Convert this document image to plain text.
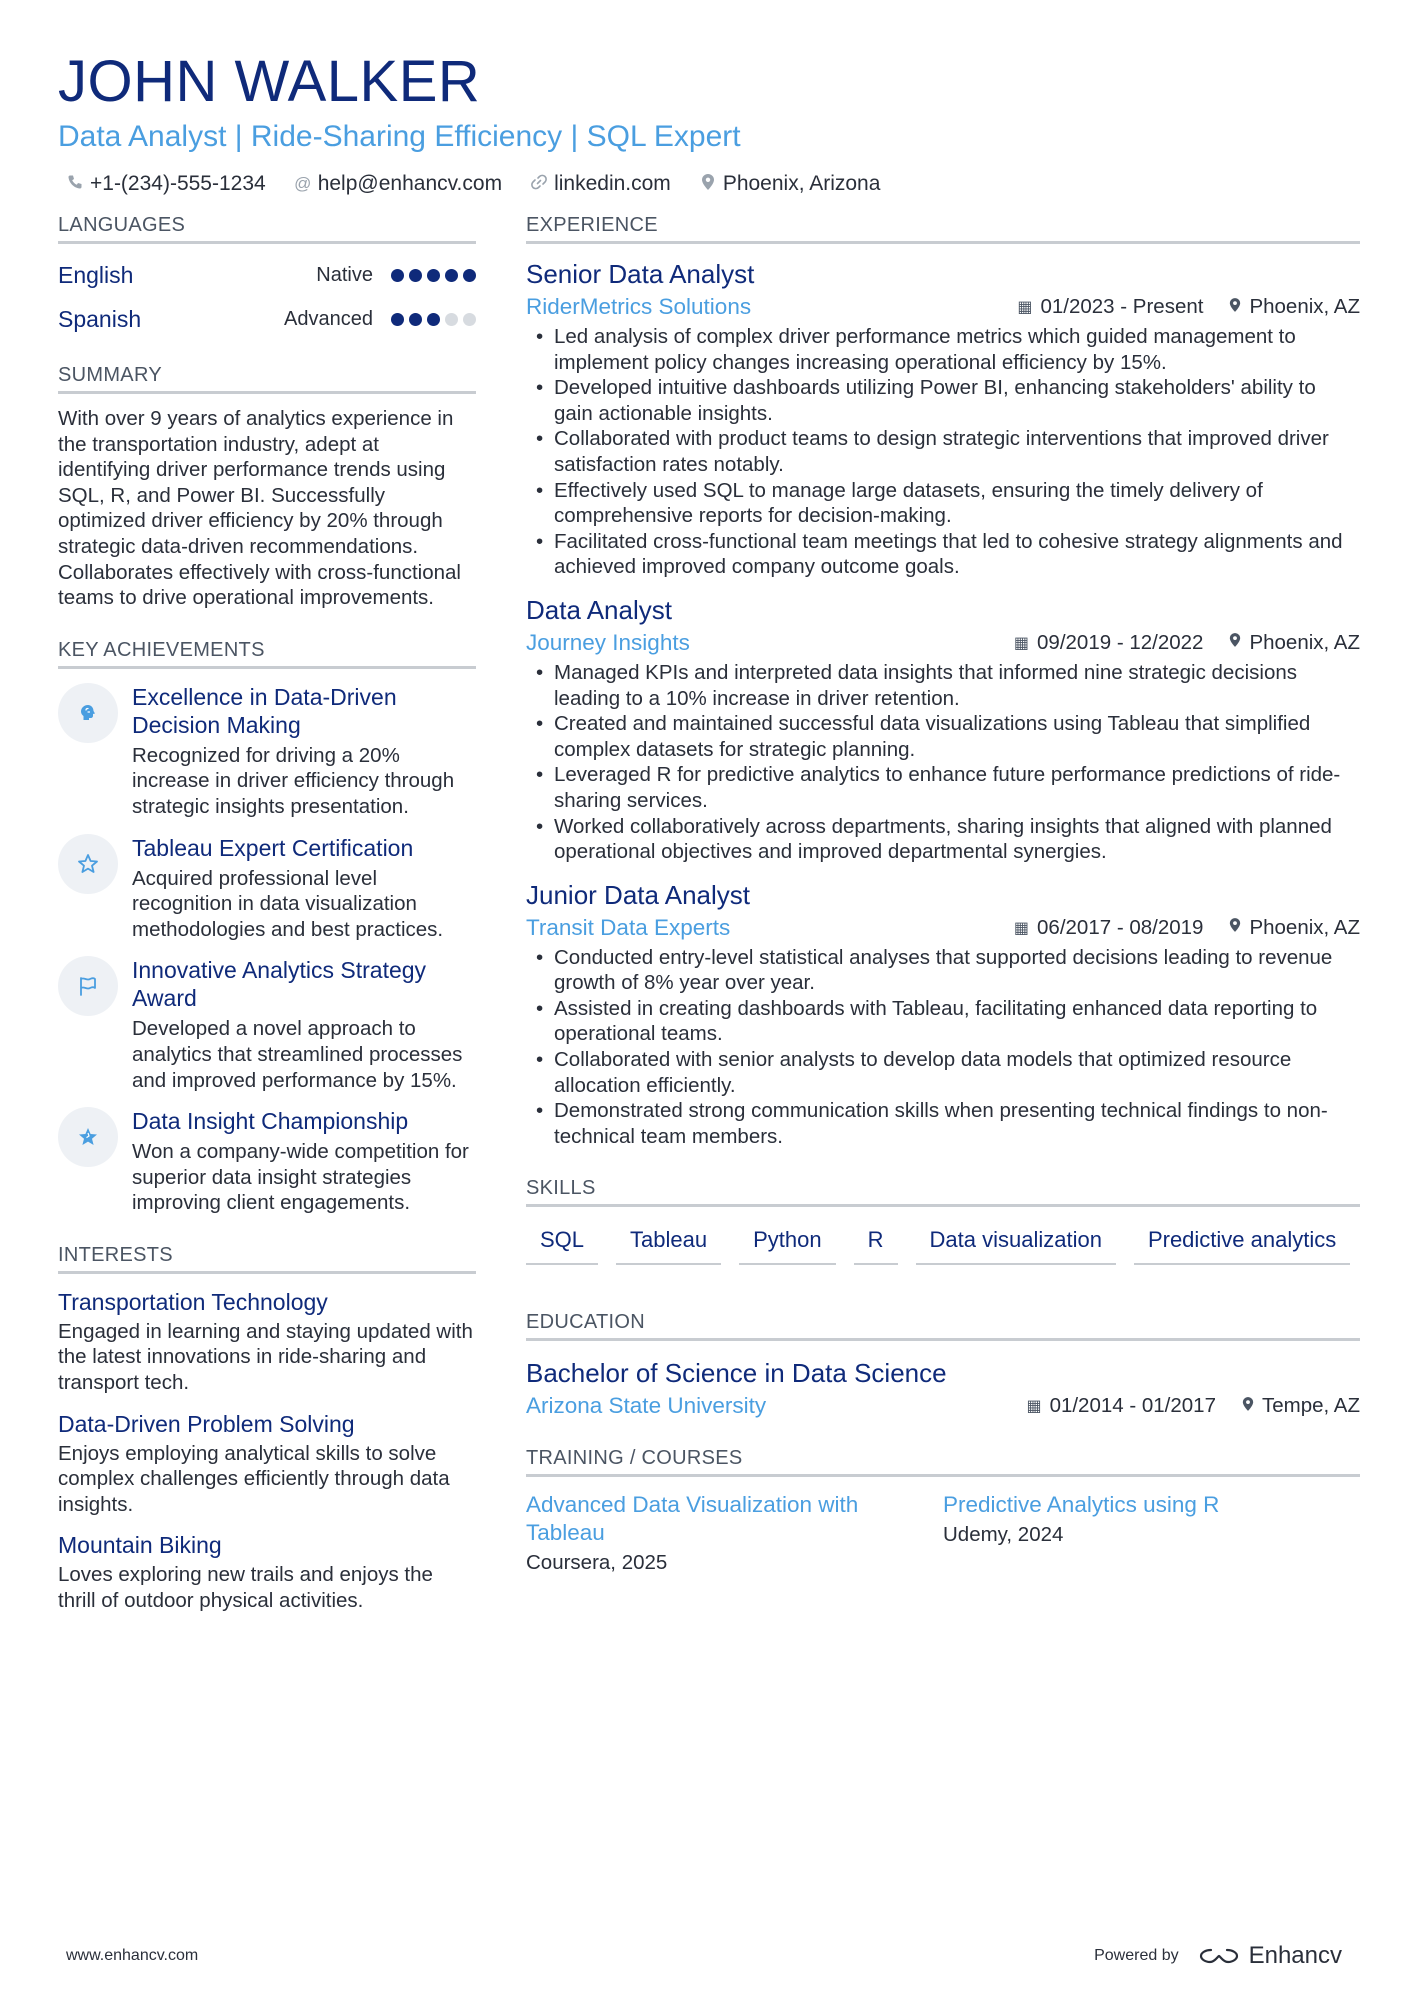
JOHN WALKER
Data Analyst | Ride-Sharing Efficiency | SQL Expert
+1-(234)-555-1234 @ help@enhancv.com linkedin.com Phoenix, Arizona
LANGUAGES
English	Native
Spanish	Advanced
SUMMARY
With over 9 years of analytics experience in the transportation industry, adept at identifying driver performance trends using SQL, R, and Power BI. Successfully optimized driver efficiency by 20% through strategic data-driven recommendations. Collaborates effectively with cross-functional teams to drive operational improvements.
KEY ACHIEVEMENTS
Excellence in Data-Driven Decision Making
Recognized for driving a 20% increase in driver efficiency through strategic insights presentation.
Tableau Expert Certification
Acquired professional level recognition in data visualization methodologies and best practices.
Innovative Analytics Strategy Award
Developed a novel approach to analytics that streamlined processes and improved performance by 15%.
Data Insight Championship
Won a company-wide competition for superior data insight strategies improving client engagements.
INTERESTS
Transportation Technology
Engaged in learning and staying updated with the latest innovations in ride-sharing and transport tech.
Data-Driven Problem Solving
Enjoys employing analytical skills to solve complex challenges efficiently through data insights.
Mountain Biking
Loves exploring new trails and enjoys the thrill of outdoor physical activities.
EXPERIENCE
Senior Data Analyst
RiderMetrics Solutions	▦ 01/2023 - Present Phoenix, AZ
• Led analysis of complex driver performance metrics which guided management to implement policy changes increasing operational efficiency by 15%.
• Developed intuitive dashboards utilizing Power BI, enhancing stakeholders' ability to gain actionable insights.
• Collaborated with product teams to design strategic interventions that improved driver satisfaction rates notably.
• Effectively used SQL to manage large datasets, ensuring the timely delivery of comprehensive reports for decision-making.
• Facilitated cross-functional team meetings that led to cohesive strategy alignments and achieved improved company outcome goals.
Data Analyst
Journey Insights	▦ 09/2019 - 12/2022 Phoenix, AZ
• Managed KPIs and interpreted data insights that informed nine strategic decisions leading to a 10% increase in driver retention.
• Created and maintained successful data visualizations using Tableau that simplified complex datasets for strategic planning.
• Leveraged R for predictive analytics to enhance future performance predictions of ride-sharing services.
• Worked collaboratively across departments, sharing insights that aligned with planned operational objectives and improved departmental synergies.
Junior Data Analyst
Transit Data Experts	▦ 06/2017 - 08/2019 Phoenix, AZ
• Conducted entry-level statistical analyses that supported decisions leading to revenue growth of 8% year over year.
• Assisted in creating dashboards with Tableau, facilitating enhanced data reporting to operational teams.
• Collaborated with senior analysts to develop data models that optimized resource allocation efficiently.
• Demonstrated strong communication skills when presenting technical findings to non-technical team members.
SKILLS
SQL	Tableau	Python	R	Data visualization	Predictive analytics
EDUCATION
Bachelor of Science in Data Science
Arizona State University	▦ 01/2014 - 01/2017 Tempe, AZ
TRAINING / COURSES
Advanced Data Visualization with Tableau
Coursera, 2025
Predictive Analytics using R
Udemy, 2024
www.enhancv.com	Powered by	Enhancv
